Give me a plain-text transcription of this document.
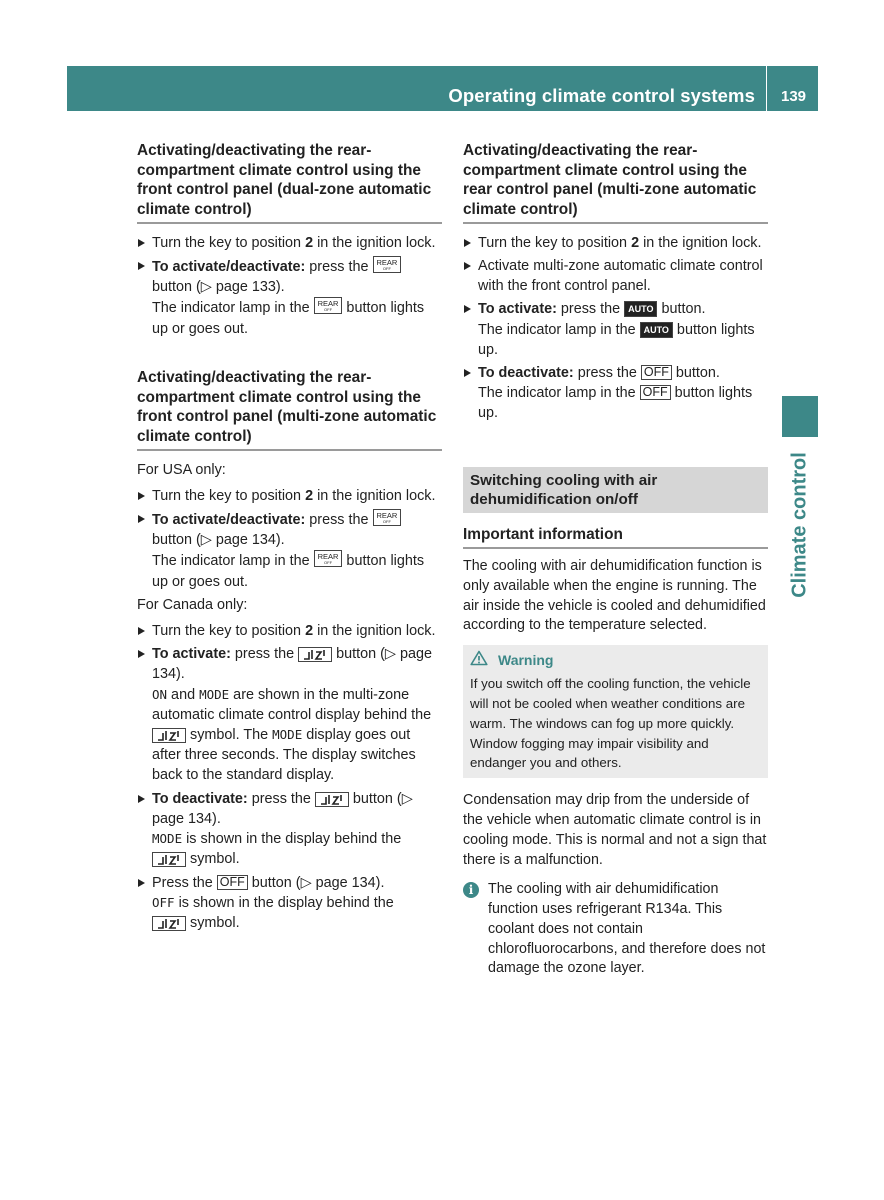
Operating climate control systems	139
Climate control
Activating/deactivating the rear-compartment climate control using the front control panel (dual-zone automatic climate control)
Turn the key to position 2 in the ignition lock.
To activate/deactivate: press the REAR
OFF

button (▷ page 133).
The indicator lamp in the REAR
OFF button lights up or goes out.
Activating/deactivating the rear-compartment climate control using the front control panel (multi-zone automatic climate control)
For USA only:
Turn the key to position 2 in the ignition lock.
To activate/deactivate: press the REAR
OFF

button (▷ page 134).
The indicator lamp in the REAR
OFF button lights up or goes out.
For Canada only:
Turn the key to position 2 in the ignition lock.
To activate: press the  button (▷ page 134).
ON and MODE are shown in the multi-zone automatic climate control display behind the  symbol. The MODE display goes out after three seconds. The display switches back to the standard display.
To deactivate: press the  button (▷ page 134).
MODE is shown in the display behind the
symbol.
Press the OFF button (▷ page 134).
OFF is shown in the display behind the
symbol.
Activating/deactivating the rear-compartment climate control using the rear control panel (multi-zone automatic climate control)
Turn the key to position 2 in the ignition lock.
Activate multi-zone automatic climate control with the front control panel.
To activate: press the AUTO button.
The indicator lamp in the AUTO button lights up.
To deactivate: press the OFF button.
The indicator lamp in the OFF button lights up.
Switching cooling with air dehumidification on/off
Important information

The cooling with air dehumidification function is only available when the engine is running. The air inside the vehicle is cooled and dehumidified according to the temperature selected.

Warning
If you switch off the cooling function, the vehicle will not be cooled when weather conditions are warm. The windows can fog up more quickly. Window fogging may impair visibility and endanger you and others.

Condensation may drip from the underside of the vehicle when automatic climate control is in cooling mode. This is normal and not a sign that there is a malfunction.

i	The cooling with air dehumidification function uses refrigerant R134a. This coolant does not contain chlorofluorocarbons, and therefore does not damage the ozone layer.
